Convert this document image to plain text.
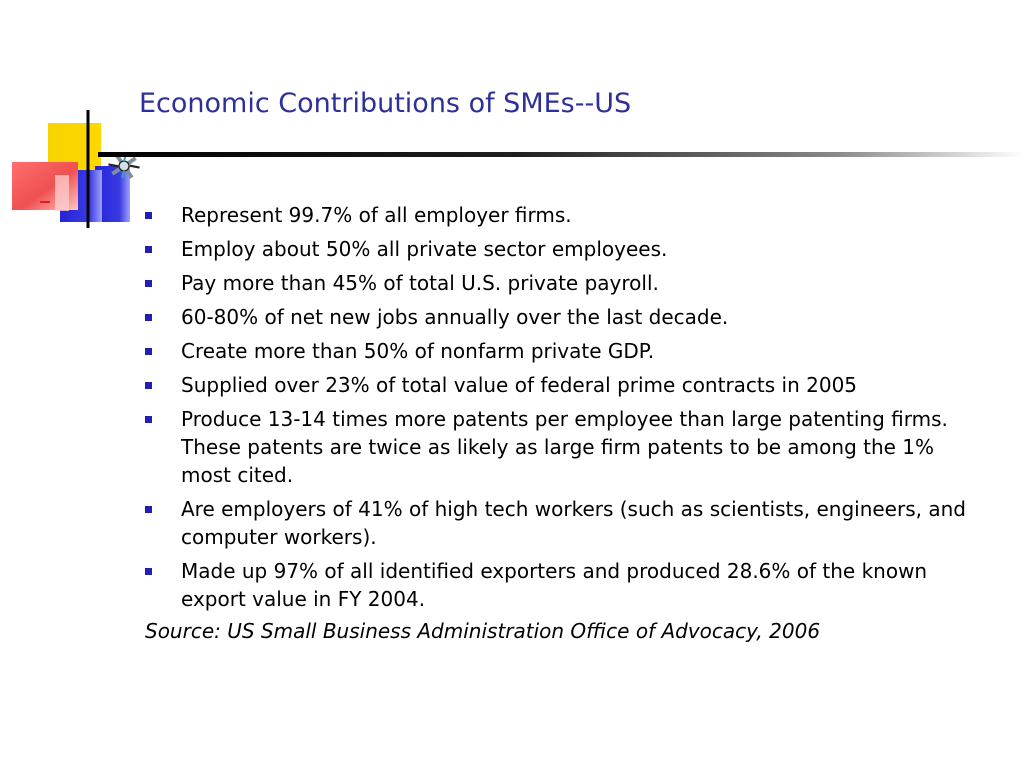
Economic Contributions of SMEs--US
Represent 99.7% of all employer firms.
Employ about 50% all private sector employees.
Pay more than 45% of total U.S. private payroll.
60-80% of net new jobs annually over the last decade.
Create more than 50% of nonfarm private GDP.
Supplied over 23% of total value of federal prime contracts in 2005
Produce 13-14 times more patents per employee than large patenting firms. These patents are twice as likely as large firm patents to be among the 1% most cited.
Are employers of 41% of high tech workers (such as scientists, engineers, and computer workers).
Made up 97% of all identified exporters and produced 28.6% of the known export value in FY 2004.
Source: US Small Business Administration Office of Advocacy, 2006
